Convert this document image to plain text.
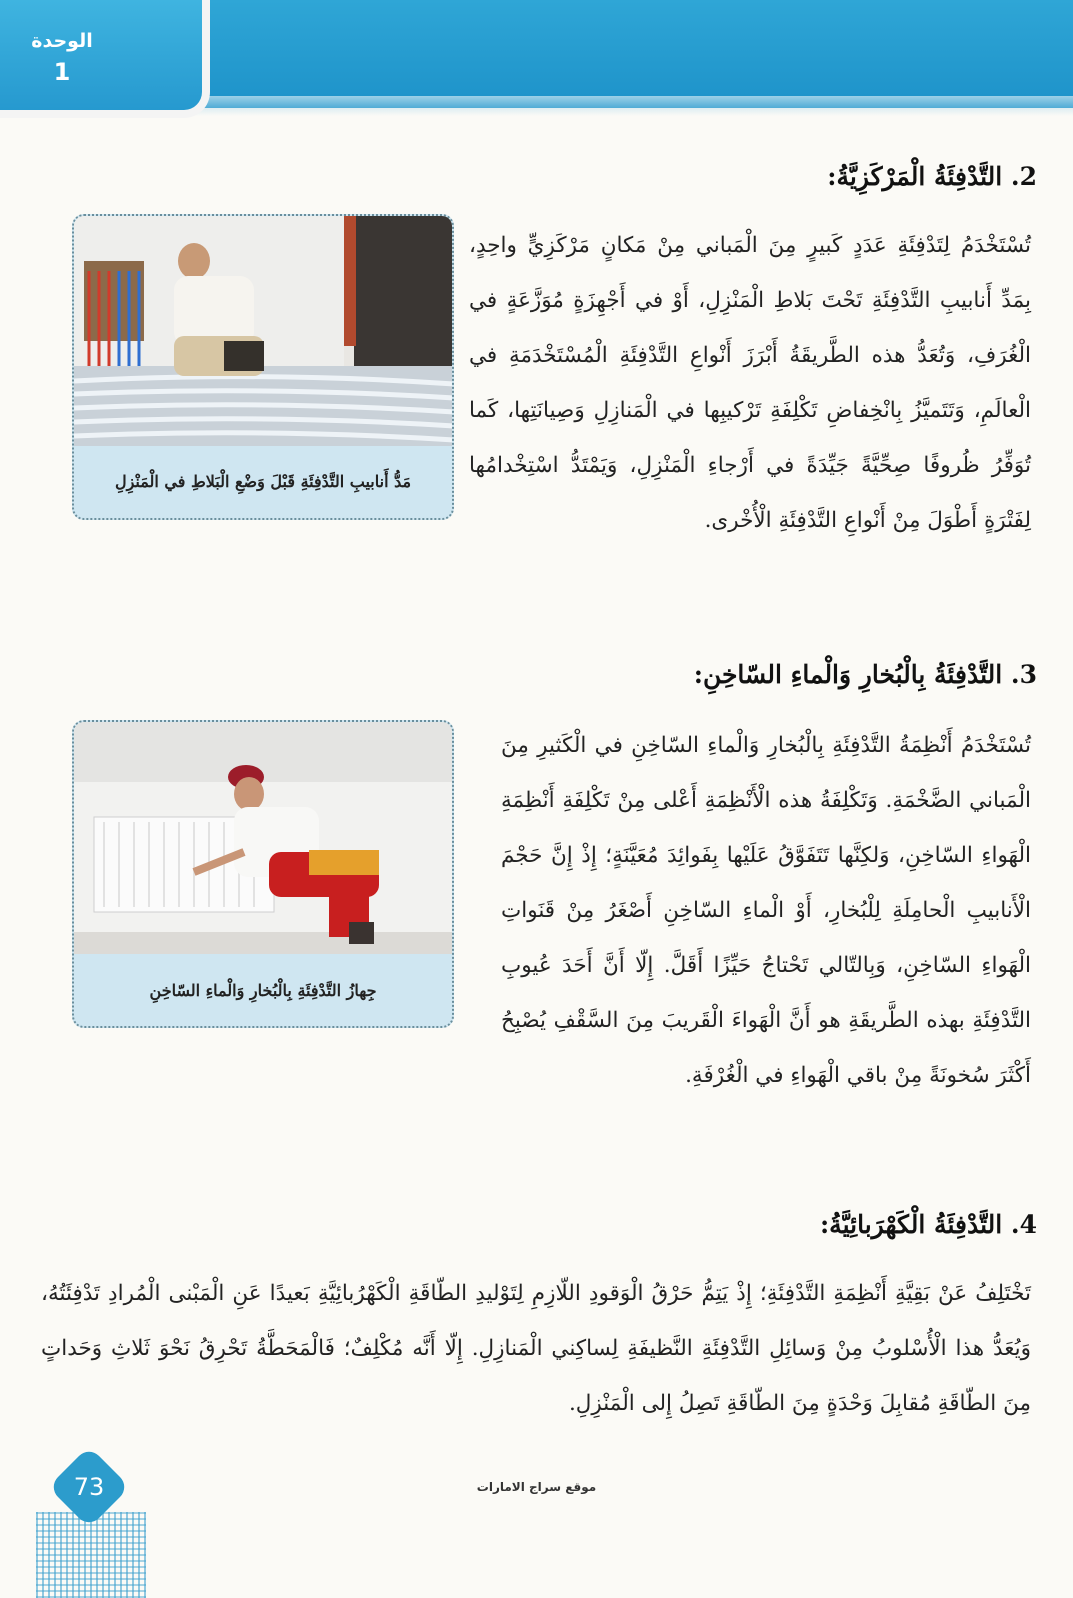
الوحدة
1
2. التَّدْفِئَةُ الْمَرْكَزِيَّةُ:
تُسْتَخْدَمُ لِتَدْفِئَةِ عَدَدٍ كَبيرٍ مِنَ الْمَباني مِنْ مَكانٍ مَرْكَزِيٍّ واحِدٍ، بِمَدِّ أَنابيبِ التَّدْفِئَةِ تَحْتَ بَلاطِ الْمَنْزِلِ، أَوْ في أَجْهِزَةٍ مُوَزَّعَةٍ في الْغُرَفِ، وَتُعَدُّ هذه الطَّريقَةُ أَبْرَزَ أَنْواعِ التَّدْفِئَةِ الْمُسْتَخْدَمَةِ في الْعالَمِ، وَتَتَميَّزُ بِانْخِفاضِ تَكْلِفَةِ تَرْكيبِها في الْمَنازِلِ وَصِيانَتِها، كَما تُوَفِّرُ ظُروفًا صِحِّيَّةً جَيِّدَةً في أَرْجاءِ الْمَنْزِلِ، وَيَمْتَدُّ اسْتِخْدامُها لِفَتْرَةٍ أَطْوَلَ مِنْ أَنْواعِ التَّدْفِئَةِ الْأُخْرى.
مَدُّ أَنابيبِ التَّدْفِئَةِ قَبْلَ وَضْعِ الْبَلاطِ في الْمَنْزِلِ
3. التَّدْفِئَةُ بِالْبُخارِ وَالْماءِ السّاخِنِ:
تُسْتَخْدَمُ أَنْظِمَةُ التَّدْفِئَةِ بِالْبُخارِ وَالْماءِ السّاخِنِ في الْكَثيرِ مِنَ الْمَباني الضَّخْمَةِ. وَتَكْلِفَةُ هذه الْأَنْظِمَةِ أَعْلى مِنْ تَكْلِفَةِ أَنْظِمَةِ الْهَواءِ السّاخِنِ، وَلكِنَّها تَتَفَوَّقُ عَلَيْها بِفَوائِدَ مُعَيَّنَةٍ؛ إِذْ إِنَّ حَجْمَ الْأَنابيبِ الْحامِلَةِ لِلْبُخارِ، أَوْ الْماءِ السّاخِنِ أَصْغَرُ مِنْ قَنَواتِ الْهَواءِ السّاخِنِ، وَبِالتّالي تَحْتاجُ حَيِّزًا أَقَلَّ. إِلّا أَنَّ أَحَدَ عُيوبِ التَّدْفِئَةِ بهذه الطَّريقَةِ هو أَنَّ الْهَواءَ الْقَريبَ مِنَ السَّقْفِ يُصْبِحُ أَكْثَرَ سُخونَةً مِنْ باقي الْهَواءِ في الْغُرْفَةِ.
جِهازُ التَّدْفِئَةِ بِالْبُخارِ وَالْماءِ السّاخِنِ
4. التَّدْفِئَةُ الْكَهْرَبائِيَّةُ:
تَخْتَلِفُ عَنْ بَقِيَّةِ أَنْظِمَةِ التَّدْفِئَةِ؛ إِذْ يَتِمُّ حَرْقُ الْوَقودِ اللّازِمِ لِتَوْليدِ الطّاقَةِ الْكَهْرُبائِيَّةِ بَعيدًا عَنِ الْمَبْنى الْمُرادِ تَدْفِئَتُهُ، وَيُعَدُّ هذا الْأُسْلوبُ مِنْ وَسائِلِ التَّدْفِئَةِ النَّظيفَةِ لِساكِني الْمَنازِلِ. إِلّا أَنَّه مُكْلِفٌ؛ فَالْمَحَطَّةُ تَحْرِقُ نَحْوَ ثَلاثِ وَحَداتٍ مِنَ الطّاقَةِ مُقابِلَ وَحْدَةٍ مِنَ الطّاقَةِ تَصِلُ إِلى الْمَنْزِلِ.
73	موقع سراج الامارات
